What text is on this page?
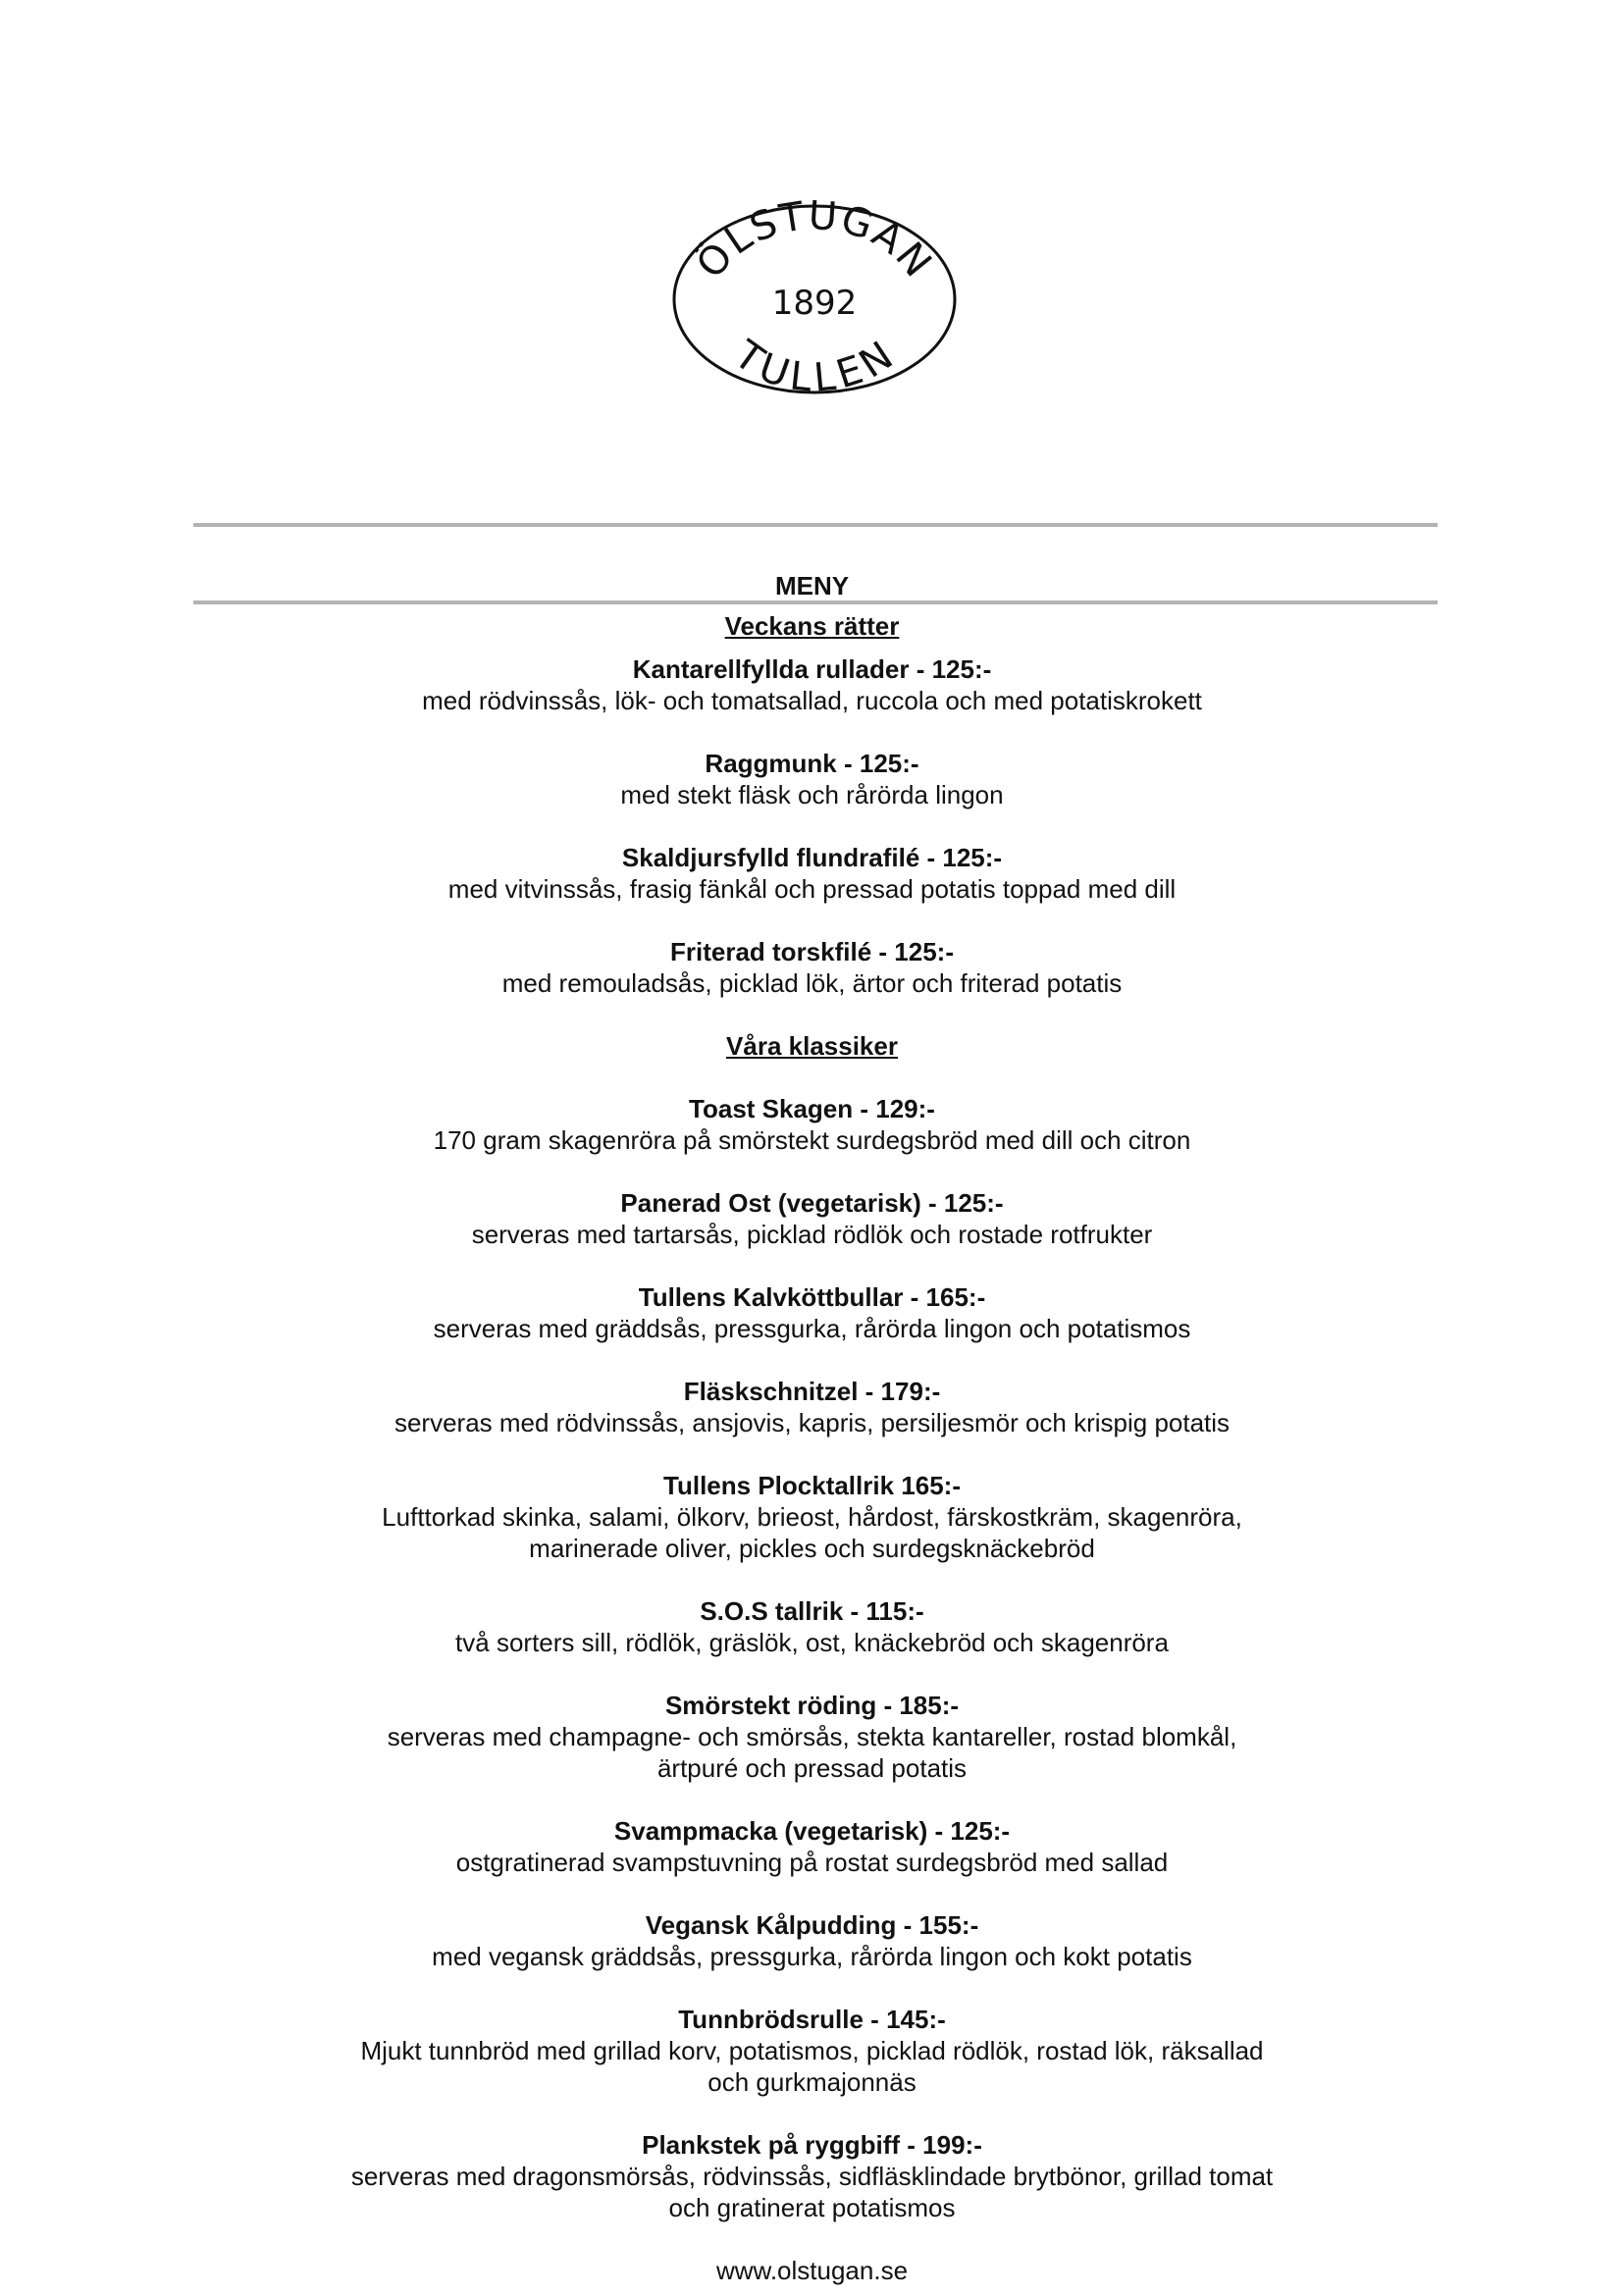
ÖLSTUGAN
1892
TULLEN
MENY
Veckans rätter
Kantarellfyllda rullader - 125:-
med rödvinssås, lök- och tomatsallad, ruccola och med potatiskrokett
Raggmunk - 125:-
med stekt fläsk och rårörda lingon
Skaldjursfylld flundrafilé - 125:-
med vitvinssås, frasig fänkål och pressad potatis toppad med dill
Friterad torskfilé - 125:-
med remouladsås, picklad lök, ärtor och friterad potatis
Våra klassiker
Toast Skagen - 129:-
170 gram skagenröra på smörstekt surdegsbröd med dill och citron
Panerad Ost (vegetarisk) - 125:-
serveras med tartarsås, picklad rödlök och rostade rotfrukter
Tullens Kalvköttbullar - 165:-
serveras med gräddsås, pressgurka, rårörda lingon och potatismos
Fläskschnitzel - 179:-
serveras med rödvinssås, ansjovis, kapris, persiljesmör och krispig potatis
Tullens Plocktallrik 165:-
Lufttorkad skinka, salami, ölkorv, brieost, hårdost, färskostkräm, skagenröra,
marinerade oliver, pickles och surdegsknäckebröd
S.O.S tallrik - 115:-
två sorters sill, rödlök, gräslök, ost, knäckebröd och skagenröra
Smörstekt röding - 185:-
serveras med champagne- och smörsås, stekta kantareller, rostad blomkål,
ärtpuré och pressad potatis
Svampmacka (vegetarisk) - 125:-
ostgratinerad svampstuvning på rostat surdegsbröd med sallad
Vegansk Kålpudding - 155:-
med vegansk gräddsås, pressgurka, rårörda lingon och kokt potatis
Tunnbrödsrulle - 145:-
Mjukt tunnbröd med grillad korv, potatismos, picklad rödlök, rostad lök, räksallad
och gurkmajonnäs
Plankstek på ryggbiff - 199:-
serveras med dragonsmörsås, rödvinssås, sidfläsklindade brytbönor, grillad tomat
och gratinerat potatismos
www.olstugan.se
